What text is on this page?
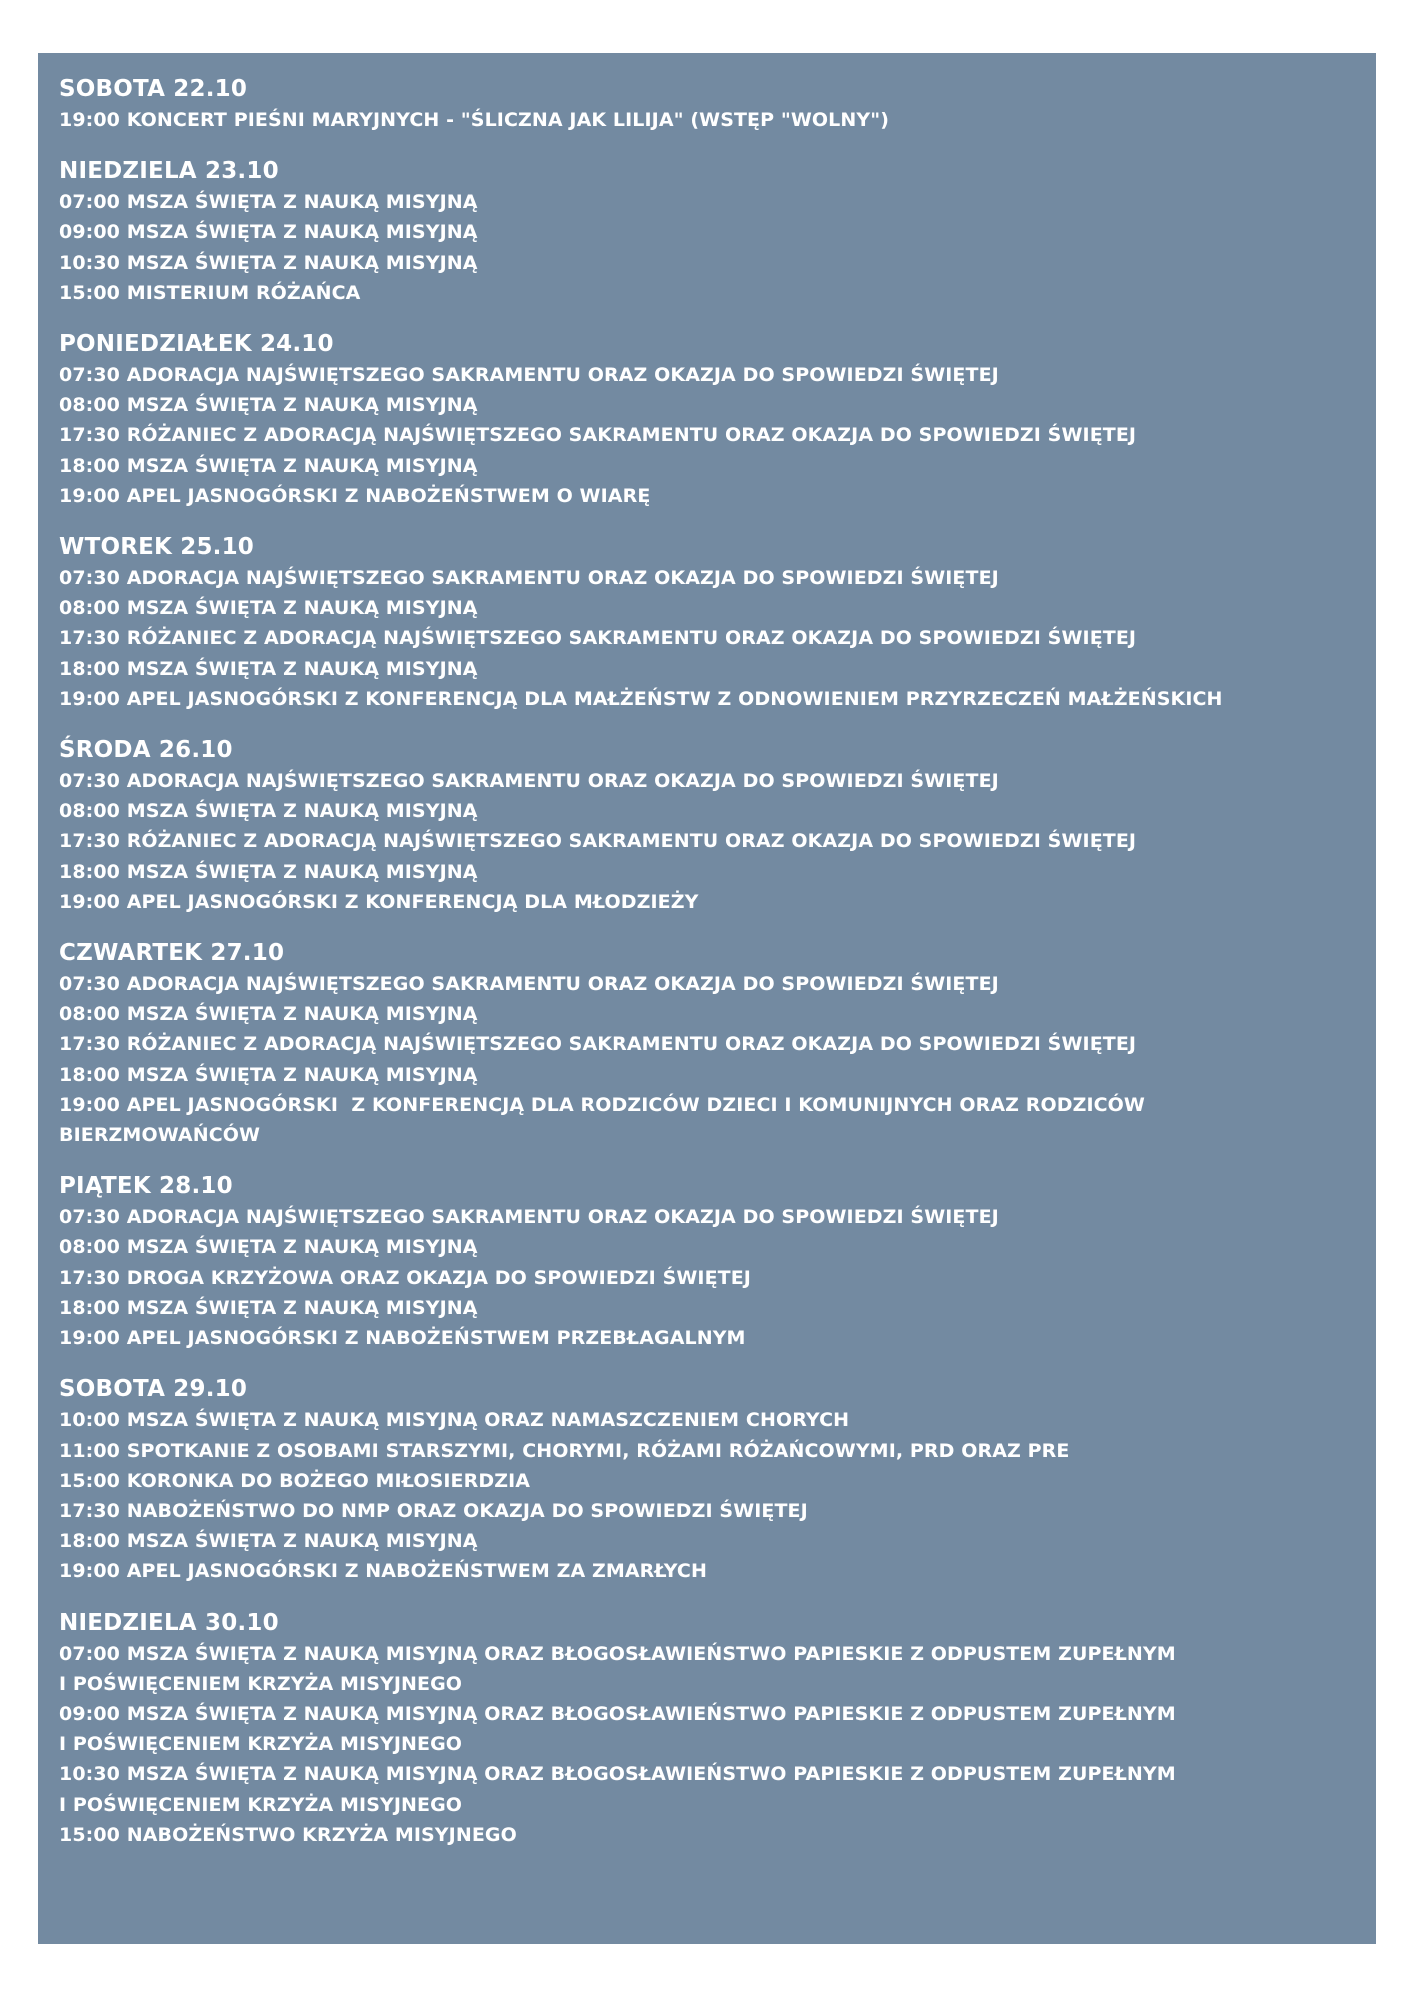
SOBOTA 22.10
19:00 KONCERT PIEŚNI MARYJNYCH - "ŚLICZNA JAK LILIJA" (WSTĘP "WOLNY")
NIEDZIELA 23.10
07:00 MSZA ŚWIĘTA Z NAUKĄ MISYJNĄ
09:00 MSZA ŚWIĘTA Z NAUKĄ MISYJNĄ
10:30 MSZA ŚWIĘTA Z NAUKĄ MISYJNĄ
15:00 MISTERIUM RÓŻAŃCA
PONIEDZIAŁEK 24.10
07:30 ADORACJA NAJŚWIĘTSZEGO SAKRAMENTU ORAZ OKAZJA DO SPOWIEDZI ŚWIĘTEJ
08:00 MSZA ŚWIĘTA Z NAUKĄ MISYJNĄ
17:30 RÓŻANIEC Z ADORACJĄ NAJŚWIĘTSZEGO SAKRAMENTU ORAZ OKAZJA DO SPOWIEDZI ŚWIĘTEJ
18:00 MSZA ŚWIĘTA Z NAUKĄ MISYJNĄ
19:00 APEL JASNOGÓRSKI Z NABOŻEŃSTWEM O WIARĘ
WTOREK 25.10
07:30 ADORACJA NAJŚWIĘTSZEGO SAKRAMENTU ORAZ OKAZJA DO SPOWIEDZI ŚWIĘTEJ
08:00 MSZA ŚWIĘTA Z NAUKĄ MISYJNĄ
17:30 RÓŻANIEC Z ADORACJĄ NAJŚWIĘTSZEGO SAKRAMENTU ORAZ OKAZJA DO SPOWIEDZI ŚWIĘTEJ
18:00 MSZA ŚWIĘTA Z NAUKĄ MISYJNĄ
19:00 APEL JASNOGÓRSKI Z KONFERENCJĄ DLA MAŁŻEŃSTW Z ODNOWIENIEM PRZYRZECZEŃ MAŁŻEŃSKICH
ŚRODA 26.10
07:30 ADORACJA NAJŚWIĘTSZEGO SAKRAMENTU ORAZ OKAZJA DO SPOWIEDZI ŚWIĘTEJ
08:00 MSZA ŚWIĘTA Z NAUKĄ MISYJNĄ
17:30 RÓŻANIEC Z ADORACJĄ NAJŚWIĘTSZEGO SAKRAMENTU ORAZ OKAZJA DO SPOWIEDZI ŚWIĘTEJ
18:00 MSZA ŚWIĘTA Z NAUKĄ MISYJNĄ
19:00 APEL JASNOGÓRSKI Z KONFERENCJĄ DLA MŁODZIEŻY
CZWARTEK 27.10
07:30 ADORACJA NAJŚWIĘTSZEGO SAKRAMENTU ORAZ OKAZJA DO SPOWIEDZI ŚWIĘTEJ
08:00 MSZA ŚWIĘTA Z NAUKĄ MISYJNĄ
17:30 RÓŻANIEC Z ADORACJĄ NAJŚWIĘTSZEGO SAKRAMENTU ORAZ OKAZJA DO SPOWIEDZI ŚWIĘTEJ
18:00 MSZA ŚWIĘTA Z NAUKĄ MISYJNĄ
19:00 APEL JASNOGÓRSKI  Z KONFERENCJĄ DLA RODZICÓW DZIECI I KOMUNIJNYCH ORAZ RODZICÓW
BIERZMOWAŃCÓW
PIĄTEK 28.10
07:30 ADORACJA NAJŚWIĘTSZEGO SAKRAMENTU ORAZ OKAZJA DO SPOWIEDZI ŚWIĘTEJ
08:00 MSZA ŚWIĘTA Z NAUKĄ MISYJNĄ
17:30 DROGA KRZYŻOWA ORAZ OKAZJA DO SPOWIEDZI ŚWIĘTEJ
18:00 MSZA ŚWIĘTA Z NAUKĄ MISYJNĄ
19:00 APEL JASNOGÓRSKI Z NABOŻEŃSTWEM PRZEBŁAGALNYM
SOBOTA 29.10
10:00 MSZA ŚWIĘTA Z NAUKĄ MISYJNĄ ORAZ NAMASZCZENIEM CHORYCH
11:00 SPOTKANIE Z OSOBAMI STARSZYMI, CHORYMI, RÓŻAMI RÓŻAŃCOWYMI, PRD ORAZ PRE
15:00 KORONKA DO BOŻEGO MIŁOSIERDZIA
17:30 NABOŻEŃSTWO DO NMP ORAZ OKAZJA DO SPOWIEDZI ŚWIĘTEJ
18:00 MSZA ŚWIĘTA Z NAUKĄ MISYJNĄ
19:00 APEL JASNOGÓRSKI Z NABOŻEŃSTWEM ZA ZMARŁYCH
NIEDZIELA 30.10
07:00 MSZA ŚWIĘTA Z NAUKĄ MISYJNĄ ORAZ BŁOGOSŁAWIEŃSTWO PAPIESKIE Z ODPUSTEM ZUPEŁNYM
I POŚWIĘCENIEM KRZYŻA MISYJNEGO
09:00 MSZA ŚWIĘTA Z NAUKĄ MISYJNĄ ORAZ BŁOGOSŁAWIEŃSTWO PAPIESKIE Z ODPUSTEM ZUPEŁNYM
I POŚWIĘCENIEM KRZYŻA MISYJNEGO
10:30 MSZA ŚWIĘTA Z NAUKĄ MISYJNĄ ORAZ BŁOGOSŁAWIEŃSTWO PAPIESKIE Z ODPUSTEM ZUPEŁNYM
I POŚWIĘCENIEM KRZYŻA MISYJNEGO
15:00 NABOŻEŃSTWO KRZYŻA MISYJNEGO
